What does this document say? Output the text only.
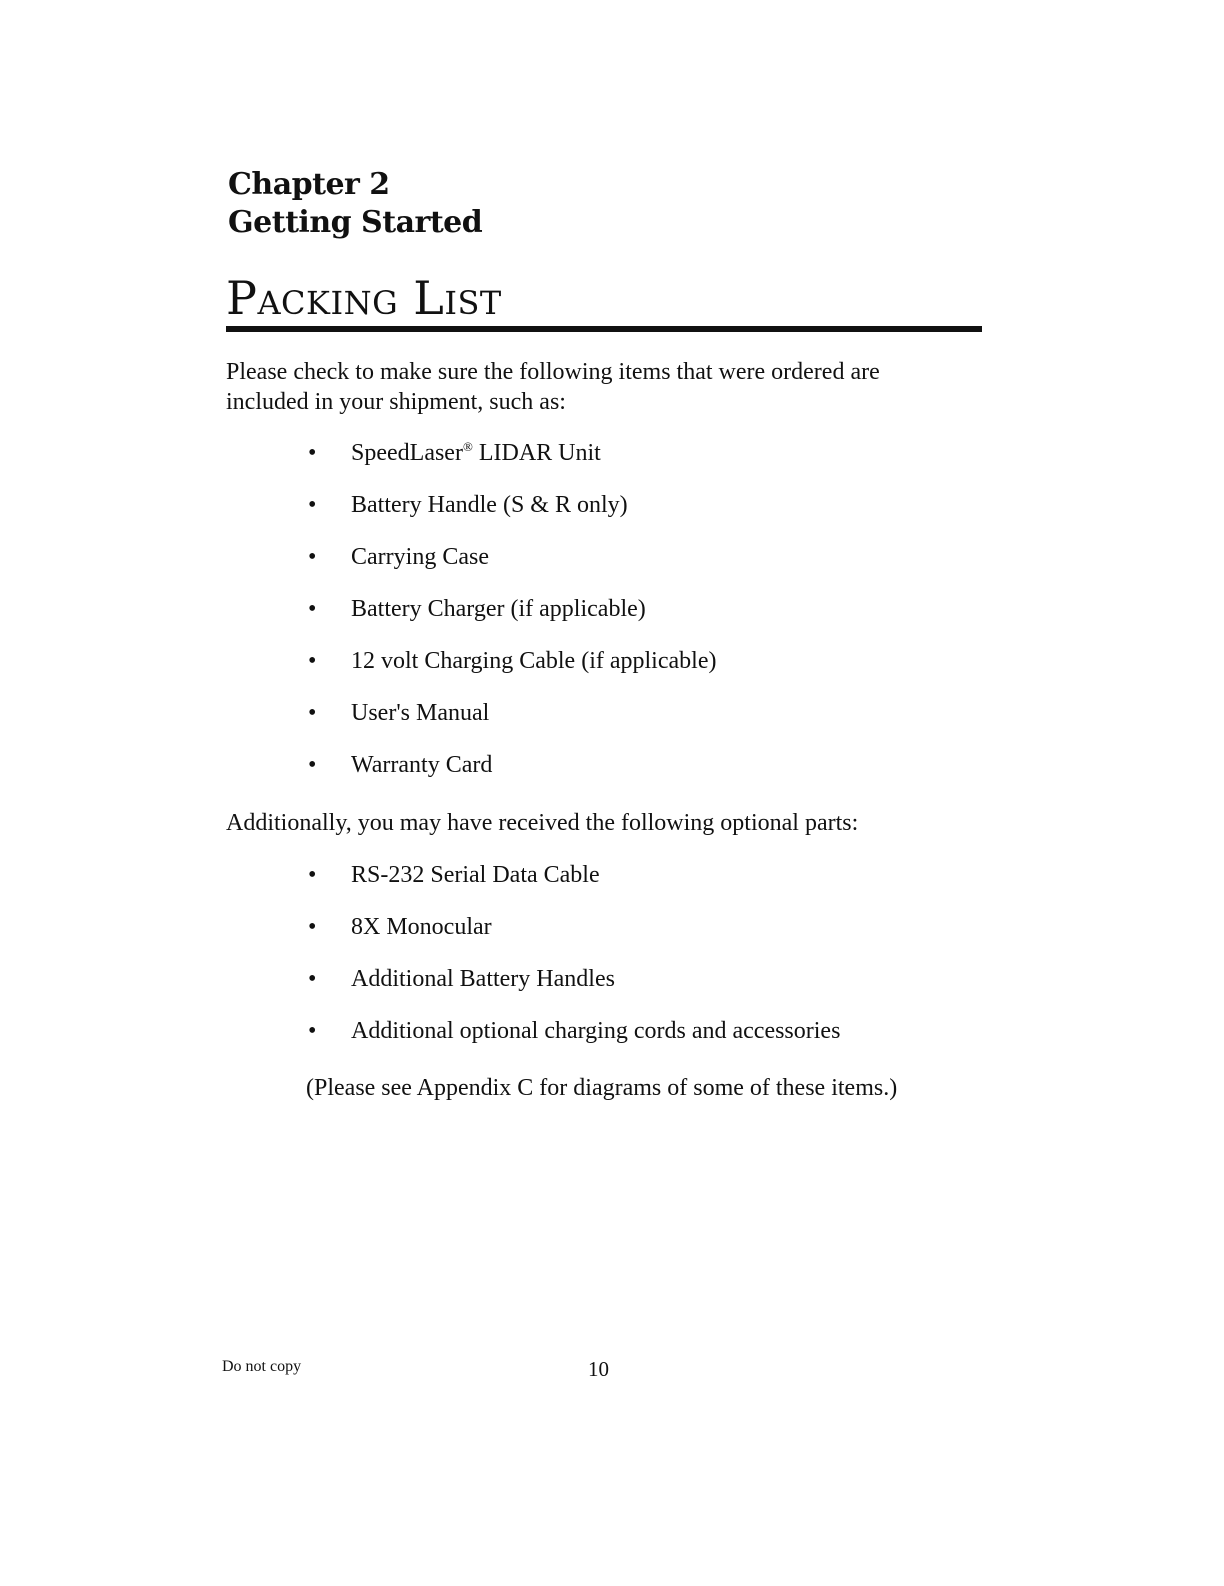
Chapter 2
Getting Started
Packing List
Please check to make sure the following items that were ordered are included in your shipment, such as:
• SpeedLaser® LIDAR Unit
• Battery Handle (S & R only)
• Carrying Case
• Battery Charger (if applicable)
• 12 volt Charging Cable (if applicable)
• User's Manual
• Warranty Card
Additionally, you may have received the following optional parts:
• RS-232 Serial Data Cable
• 8X Monocular
• Additional Battery Handles
• Additional optional charging cords and accessories
(Please see Appendix C for diagrams of some of these items.)
Do not copy	10
